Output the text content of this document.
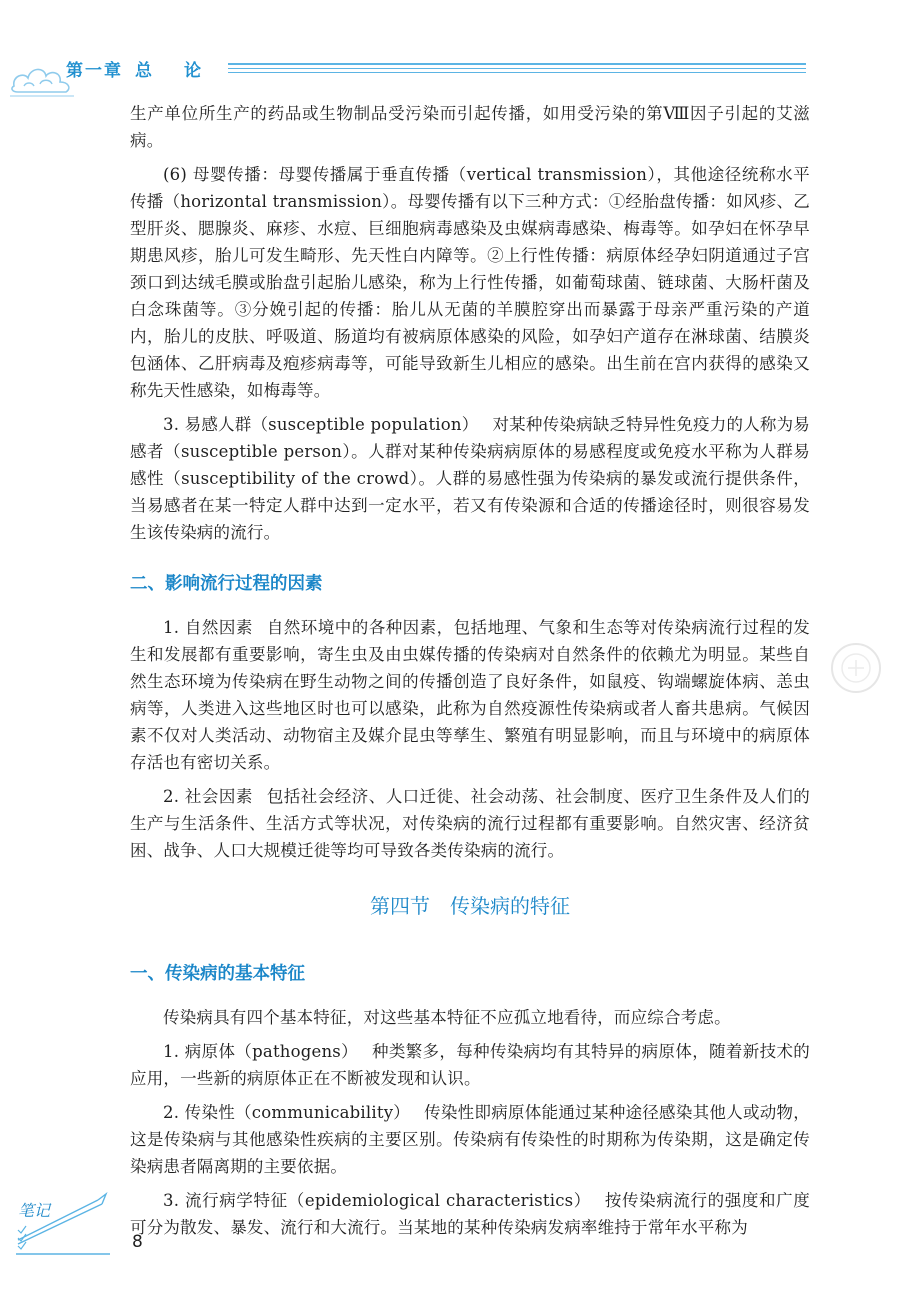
第一章 总 论

生产单位所生产的药品或生物制品受污染而引起传播，如用受污染的第Ⅷ因子引起的艾滋病。

(6) 母婴传播：母婴传播属于垂直传播（vertical transmission），其他途径统称水平传播（horizontal transmission）。母婴传播有以下三种方式：①经胎盘传播：如风疹、乙型肝炎、腮腺炎、麻疹、水痘、巨细胞病毒感染及虫媒病毒感染、梅毒等。如孕妇在怀孕早期患风疹，胎儿可发生畸形、先天性白内障等。②上行性传播：病原体经孕妇阴道通过子宫颈口到达绒毛膜或胎盘引起胎儿感染，称为上行性传播，如葡萄球菌、链球菌、大肠杆菌及白念珠菌等。③分娩引起的传播：胎儿从无菌的羊膜腔穿出而暴露于母亲严重污染的产道内，胎儿的皮肤、呼吸道、肠道均有被病原体感染的风险，如孕妇产道存在淋球菌、结膜炎包涵体、乙肝病毒及疱疹病毒等，可能导致新生儿相应的感染。出生前在宫内获得的感染又称先天性感染，如梅毒等。

3. 易感人群（susceptible population） 对某种传染病缺乏特异性免疫力的人称为易感者（susceptible person）。人群对某种传染病病原体的易感程度或免疫水平称为人群易感性（susceptibility of the crowd）。人群的易感性强为传染病的暴发或流行提供条件，当易感者在某一特定人群中达到一定水平，若又有传染源和合适的传播途径时，则很容易发生该传染病的流行。

二、影响流行过程的因素

1. 自然因素 自然环境中的各种因素，包括地理、气象和生态等对传染病流行过程的发生和发展都有重要影响，寄生虫及由虫媒传播的传染病对自然条件的依赖尤为明显。某些自然生态环境为传染病在野生动物之间的传播创造了良好条件，如鼠疫、钩端螺旋体病、恙虫病等，人类进入这些地区时也可以感染，此称为自然疫源性传染病或者人畜共患病。气候因素不仅对人类活动、动物宿主及媒介昆虫等孳生、繁殖有明显影响，而且与环境中的病原体存活也有密切关系。

2. 社会因素 包括社会经济、人口迁徙、社会动荡、社会制度、医疗卫生条件及人们的生产与生活条件、生活方式等状况，对传染病的流行过程都有重要影响。自然灾害、经济贫困、战争、人口大规模迁徙等均可导致各类传染病的流行。

第四节　传染病的特征
一、传染病的基本特征

传染病具有四个基本特征，对这些基本特征不应孤立地看待，而应综合考虑。

1. 病原体（pathogens） 种类繁多，每种传染病均有其特异的病原体，随着新技术的应用，一些新的病原体正在不断被发现和认识。

2. 传染性（communicability） 传染性即病原体能通过某种途径感染其他人或动物，这是传染病与其他感染性疾病的主要区别。传染病有传染性的时期称为传染期，这是确定传染病患者隔离期的主要依据。

3. 流行病学特征（epidemiological characteristics） 按传染病流行的强度和广度可分为散发、暴发、流行和大流行。当某地的某种传染病发病率维持于常年水平称为

笔记
8
